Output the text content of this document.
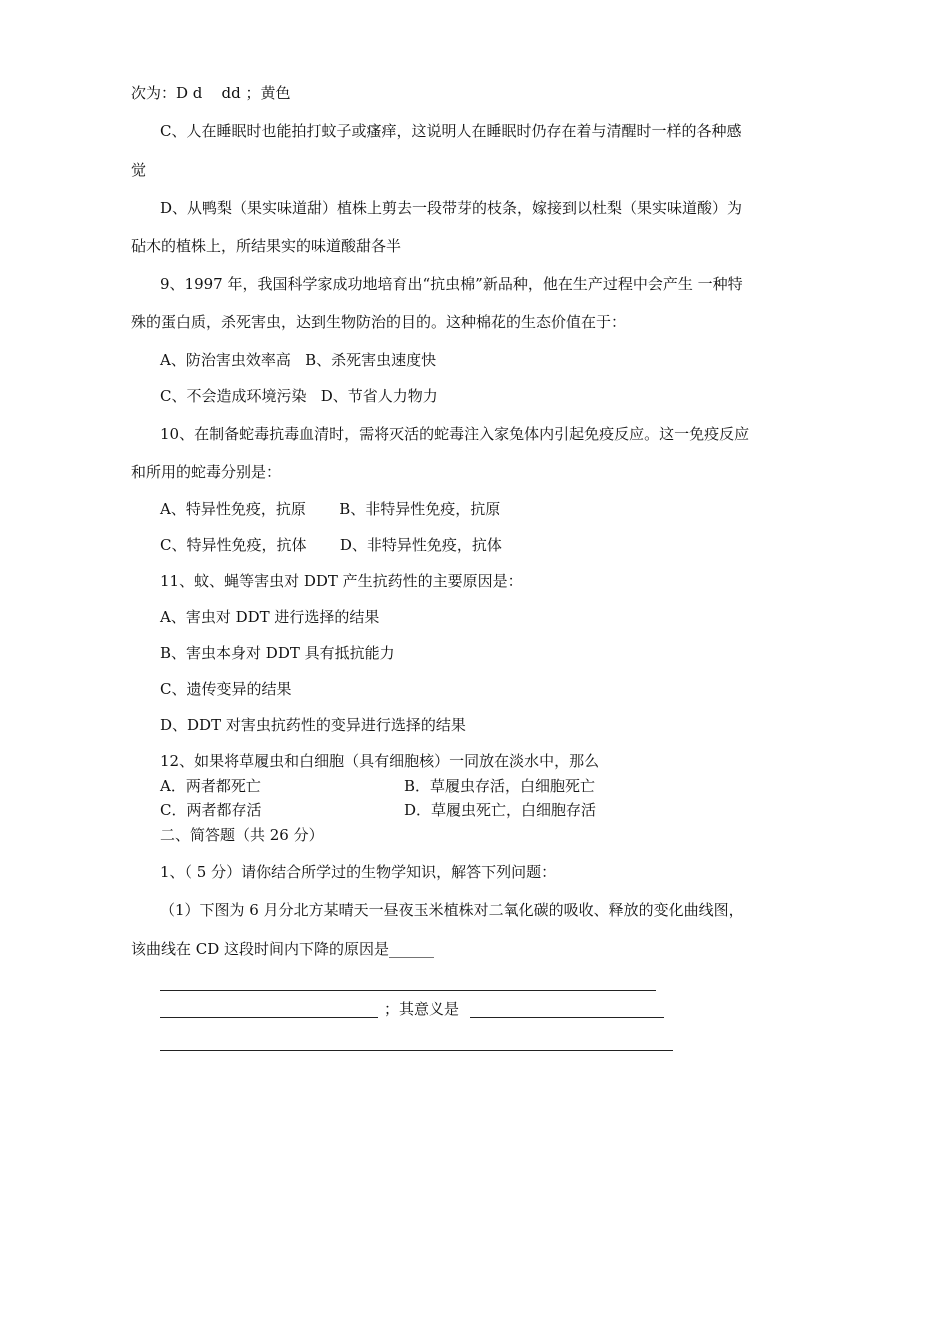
次为：D d    dd ；黄色
C、人在睡眠时也能拍打蚊子或瘙痒，这说明人在睡眠时仍存在着与清醒时一样的各种感
觉
D、从鸭梨（果实味道甜）植株上剪去一段带芽的枝条，嫁接到以杜梨（果实味道酸）为
砧木的植株上，所结果实的味道酸甜各半
9、1997 年，我国科学家成功地培育出“抗虫棉”新品种，他在生产过程中会产生 一种特
殊的蛋白质，杀死害虫，达到生物防治的目的。这种棉花的生态价值在于：
A、防治害虫效率高   B、杀死害虫速度快
C、不会造成环境污染   D、节省人力物力
10、在制备蛇毒抗毒血清时，需将灭活的蛇毒注入家兔体内引起免疫反应。这一免疫反应
和所用的蛇毒分别是：
A、特异性免疫，抗原       B、非特异性免疫，抗原
C、特异性免疫，抗体       D、非特异性免疫，抗体
11、蚊、蝇等害虫对 DDT 产生抗药性的主要原因是：
A、害虫对 DDT 进行选择的结果
B、害虫本身对 DDT 具有抵抗能力
C、遗传变异的结果
D、DDT 对害虫抗药性的变异进行选择的结果
12、如果将草履虫和白细胞（具有细胞核）一同放在淡水中，那么
A．两者都死亡	B．草履虫存活，白细胞死亡
C．两者都存活	D．草履虫死亡，白细胞存活
二、简答题（共 26 分）
1、（ 5 分）请你结合所学过的生物学知识，解答下列问题：
（1）下图为 6 月分北方某晴天一昼夜玉米植株对二氧化碳的吸收、释放的变化曲线图，
该曲线在 CD 这段时间内下降的原因是______
；其意义是
